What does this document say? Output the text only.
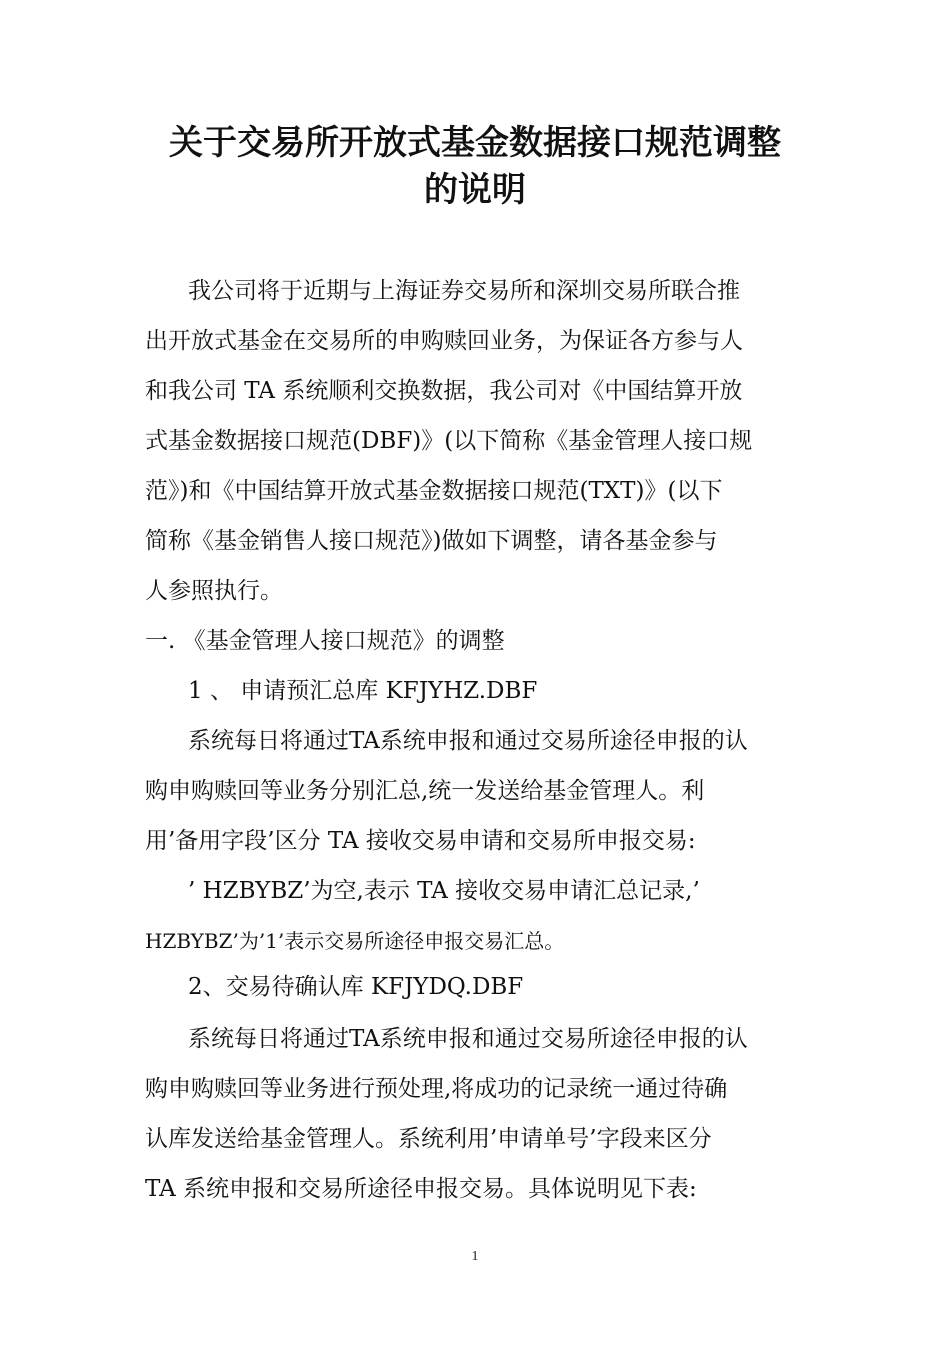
关于交易所开放式基金数据接口规范调整
的说明
我公司将于近期与上海证券交易所和深圳交易所联合推
出开放式基金在交易所的申购赎回业务，为保证各方参与人
和我公司 TA 系统顺利交换数据，我公司对《中国结算开放
式基金数据接口规范(DBF)》(以下简称《基金管理人接口规
范》)和《中国结算开放式基金数据接口规范(TXT)》(以下
简称《基金销售人接口规范》)做如下调整，请各基金参与
人参照执行。
一. 《基金管理人接口规范》的调整
1 、 申请预汇总库 KFJYHZ.DBF
系统每日将通过TA系统申报和通过交易所途径申报的认
购申购赎回等业务分别汇总,统一发送给基金管理人。利
用’备用字段’区分 TA 接收交易申请和交易所申报交易:
’ HZBYBZ’为空,表示 TA 接收交易申请汇总记录,’
HZBYBZ’为’1’表示交易所途径申报交易汇总。
2、交易待确认库 KFJYDQ.DBF
系统每日将通过TA系统申报和通过交易所途径申报的认
购申购赎回等业务进行预处理,将成功的记录统一通过待确
认库发送给基金管理人。系统利用’申请单号’字段来区分
TA 系统申报和交易所途径申报交易。具体说明见下表:
1
